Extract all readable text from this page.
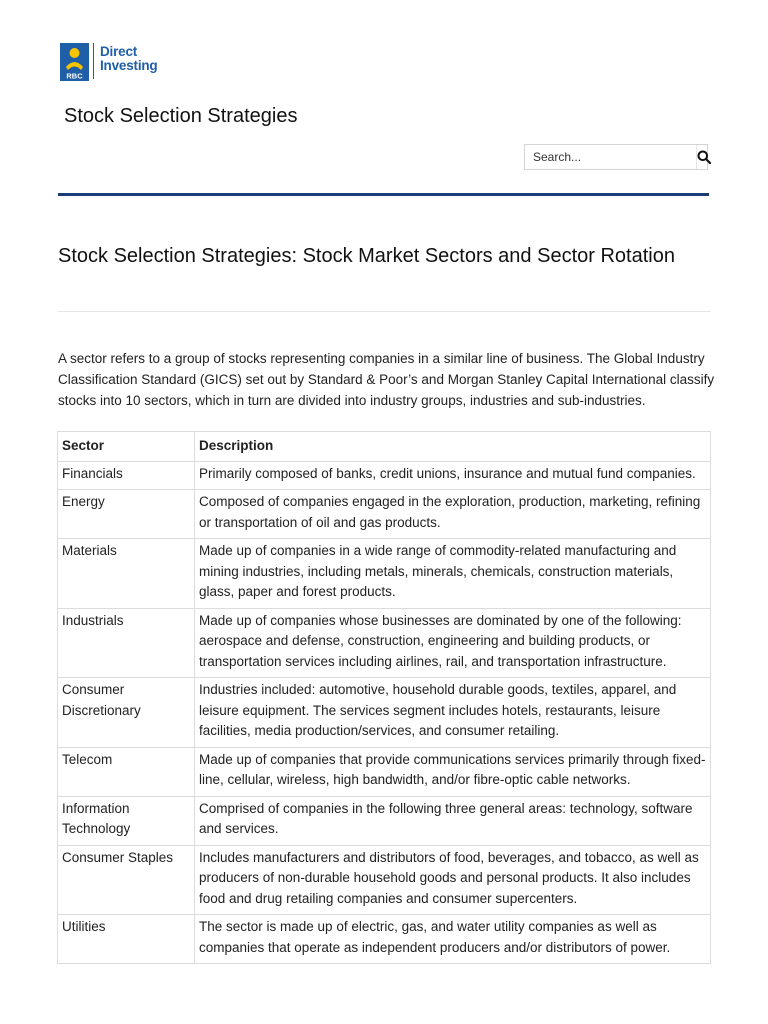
RBC
Direct
Investing
Stock Selection Strategies
Search...
Stock Selection Strategies: Stock Market Sectors and Sector Rotation

A sector refers to a group of stocks representing companies in a similar line of business. The Global Industry Classification Standard (GICS) set out by Standard & Poor’s and Morgan Stanley Capital International classify stocks into 10 sectors, which in turn are divided into industry groups, industries and sub-industries.

Sector	Description
Financials	Primarily composed of banks, credit unions, insurance and mutual fund companies.
Energy	Composed of companies engaged in the exploration, production, marketing, refining or transportation of oil and gas products.
Materials	Made up of companies in a wide range of commodity-related manufacturing and mining industries, including metals, minerals, chemicals, construction materials, glass, paper and forest products.
Industrials	Made up of companies whose businesses are dominated by one of the following: aerospace and defense, construction, engineering and building products, or transportation services including airlines, rail, and transportation infrastructure.
Consumer Discretionary	Industries included: automotive, household durable goods, textiles, apparel, and leisure equipment. The services segment includes hotels, restaurants, leisure facilities, media production/services, and consumer retailing.
Telecom	Made up of companies that provide communications services primarily through fixed-line, cellular, wireless, high bandwidth, and/or fibre-optic cable networks.
Information Technology	Comprised of companies in the following three general areas: technology, software and services.
Consumer Staples	Includes manufacturers and distributors of food, beverages, and tobacco, as well as producers of non-durable household goods and personal products. It also includes food and drug retailing companies and consumer supercenters.
Utilities	The sector is made up of electric, gas, and water utility companies as well as companies that operate as independent producers and/or distributors of power.
